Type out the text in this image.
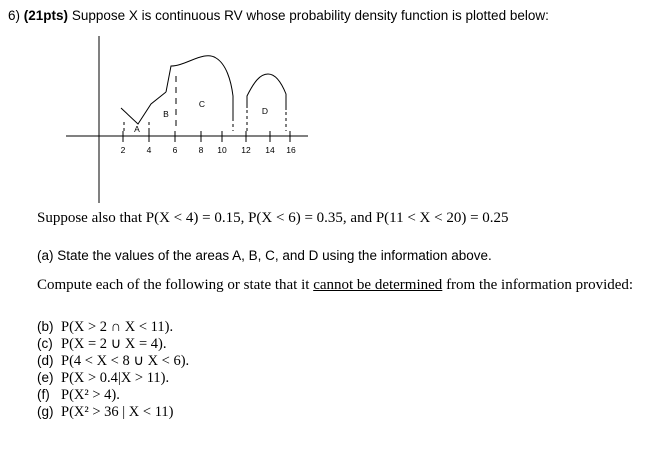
6) (21pts) Suppose X is continuous RV whose probability density function is plotted below:
A
B
C
D
2	4	6	8 10 12 14 16
Suppose also that P(X < 4) = 0.15, P(X < 6) = 0.35, and P(11 < X < 20) = 0.25
(a) State the values of the areas A, B, C, and D using the information above.
Compute each of the following or state that it cannot be determined from the information provided:
(b) P(X > 2 ∩ X < 11).
(c) P(X = 2 ∪ X = 4).
(d) P(4 < X < 8 ∪ X < 6).
(e) P(X > 0.4|X > 11).
(f) P(X² > 4).
(g) P(X² > 36 | X < 11)
